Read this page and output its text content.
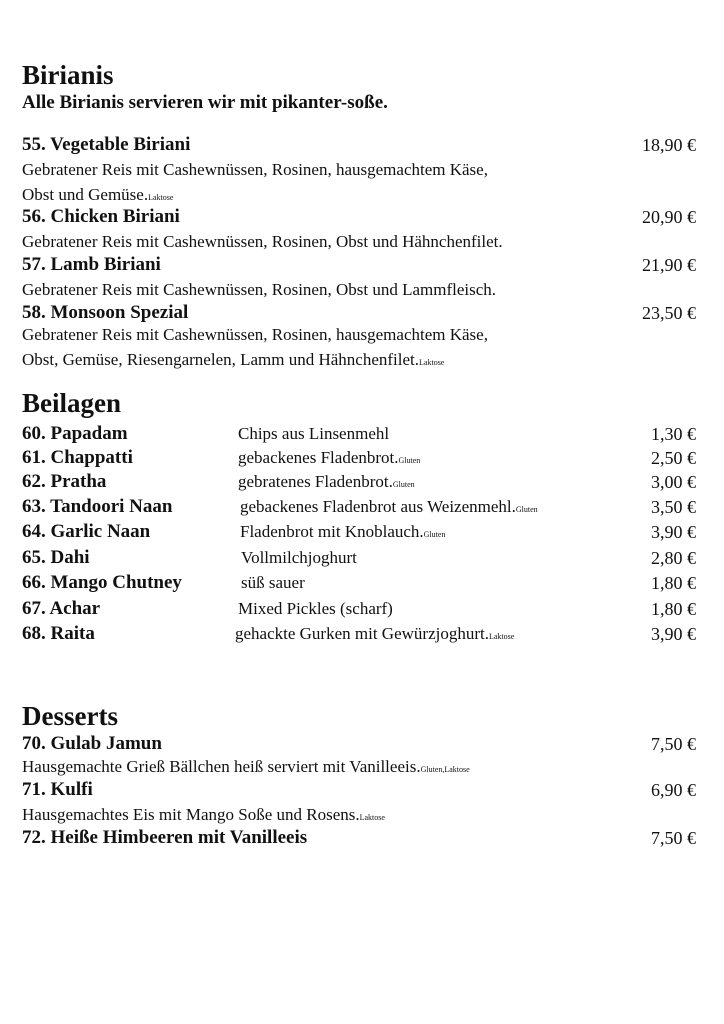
Birianis
Alle Birianis servieren wir mit pikanter-soße.
55. Vegetable Biriani	18,90 €
Gebratener Reis mit Cashewnüssen, Rosinen, hausgemachtem Käse,
Obst und Gemüse.Laktose
56. Chicken Biriani	20,90 €
Gebratener Reis mit Cashewnüssen, Rosinen, Obst und Hähnchenfilet.
57. Lamb Biriani	21,90 €
Gebratener Reis mit Cashewnüssen, Rosinen, Obst und Lammfleisch.
58. Monsoon Spezial	23,50 €
Gebratener Reis mit Cashewnüssen, Rosinen, hausgemachtem Käse,
Obst, Gemüse, Riesengarnelen, Lamm und Hähnchenfilet.Laktose
Beilagen
60. Papadam	Chips aus Linsenmehl	1,30 €
61. Chappatti	gebackenes Fladenbrot.Gluten	2,50 €
62. Pratha	gebratenes Fladenbrot.Gluten	3,00 €
63. Tandoori Naan	gebackenes Fladenbrot aus Weizenmehl.Gluten	3,50 €
64. Garlic Naan	Fladenbrot mit Knoblauch.Gluten	3,90 €
65. Dahi	Vollmilchjoghurt	2,80 €
66. Mango Chutney	süß sauer	1,80 €
67. Achar	Mixed Pickles (scharf)	1,80 €
68. Raita	gehackte Gurken mit Gewürzjoghurt.Laktose	3,90 €
Desserts
70. Gulab Jamun	7,50 €
Hausgemachte Grieß Bällchen heiß serviert mit Vanilleeis.Gluten,Laktose
71. Kulfi	6,90 €
Hausgemachtes Eis mit Mango Soße und Rosens.Laktose
72. Heiße Himbeeren mit Vanilleeis	7,50 €
